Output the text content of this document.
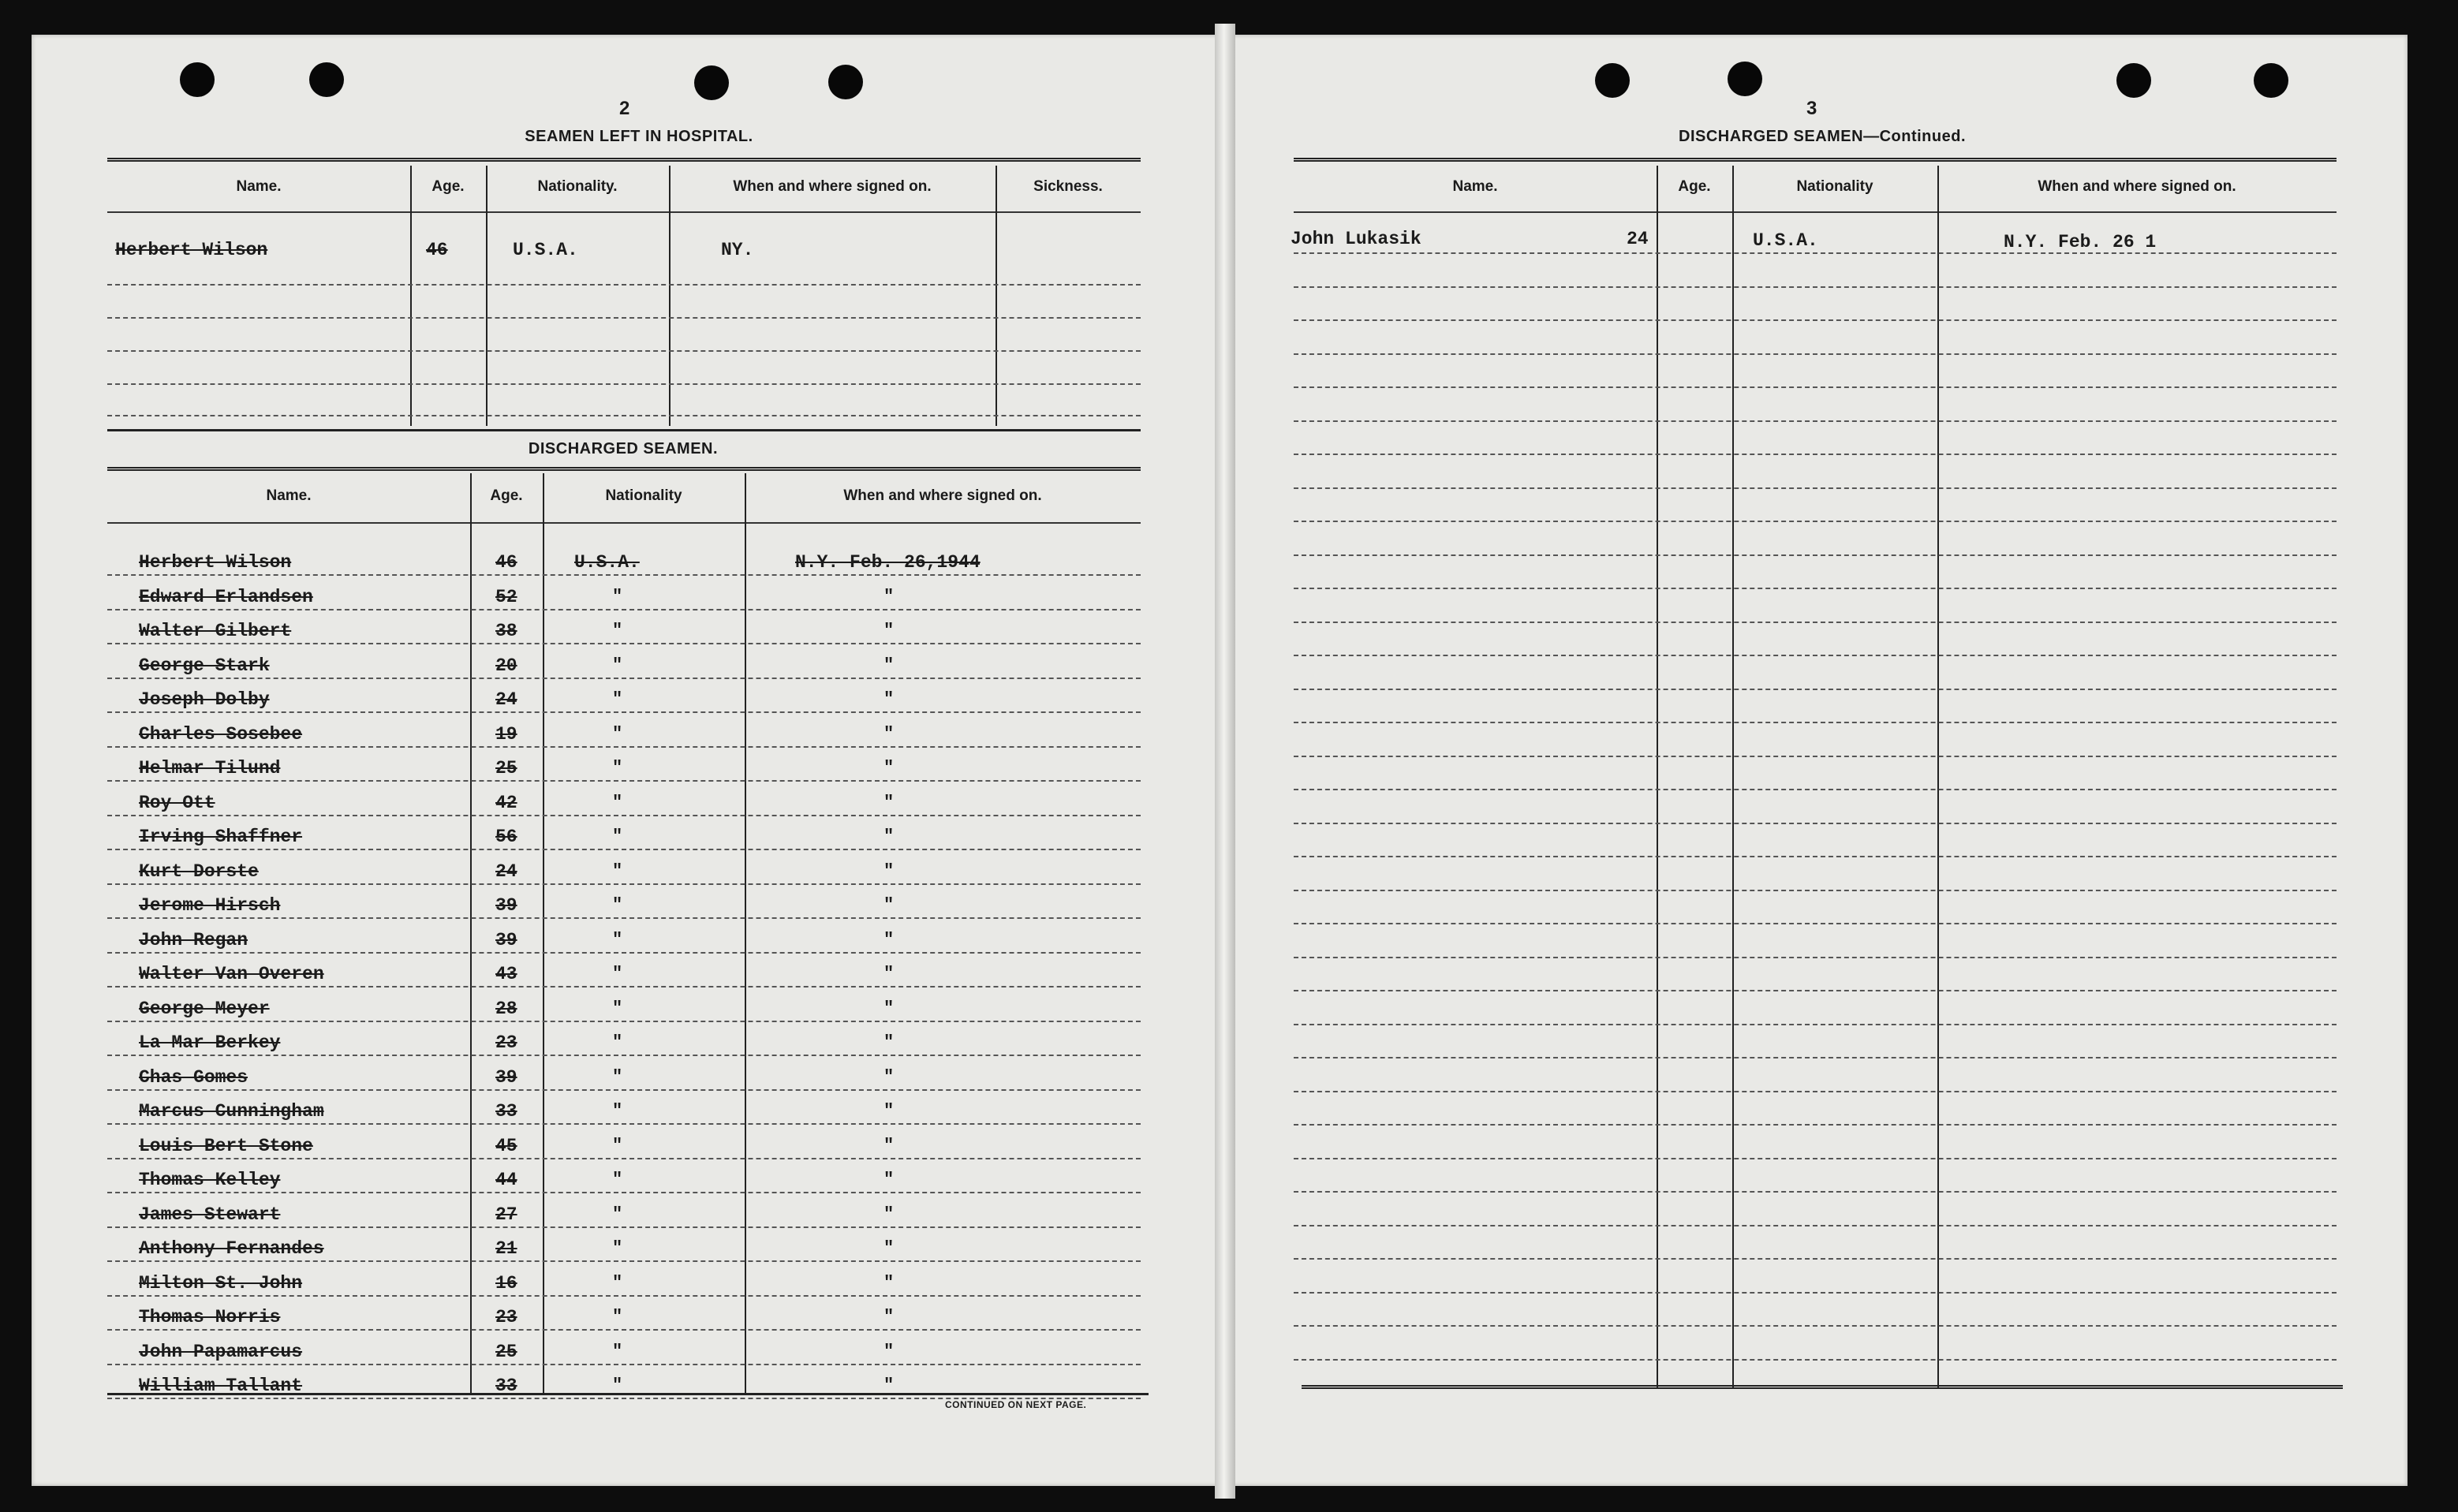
2
SEAMEN LEFT IN HOSPITAL.
Name.	Age.	Nationality.	When and where signed on.	Sickness.
Herbert Wilson	46	U.S.A.	NY.
DISCHARGED SEAMEN.
Name.	Age.	Nationality	When and where signed on.
Herbert Wilson	46	U.S.A.	N.Y. Feb. 26,1944
Edward Erlandsen	52	"	"
Walter Gilbert	38	"	"
George Stark	20	"	"
Joseph Dolby	24	"	"
Charles Sosebee	19	"	"
Helmar Tilund	25	"	"
Roy Ott	42	"	"
Irving Shaffner	56	"	"
Kurt Dorste	24	"	"
Jerome Hirsch	39	"	"
John Regan	39	"	"
Walter Van Overen	43	"	"
George Meyer	28	"	"
La Mar Berkey	23	"	"
Chas Gomes	39	"	"
Marcus Cunningham	33	"	"
Louis Bert Stone	45	"	"
Thomas Kelley	44	"	"
James Stewart	27	"	"
Anthony Fernandes	21	"	"
Milton St. John	16	"	"
Thomas Norris	23	"	"
John Papamarcus	25	"	"
William Tallant	33	"	"
CONTINUED ON NEXT PAGE.
3
DISCHARGED SEAMEN—Continued.
Name.	Age.	Nationality	When and where signed on.
John Lukasik	24	U.S.A.	N.Y. Feb. 26 1
